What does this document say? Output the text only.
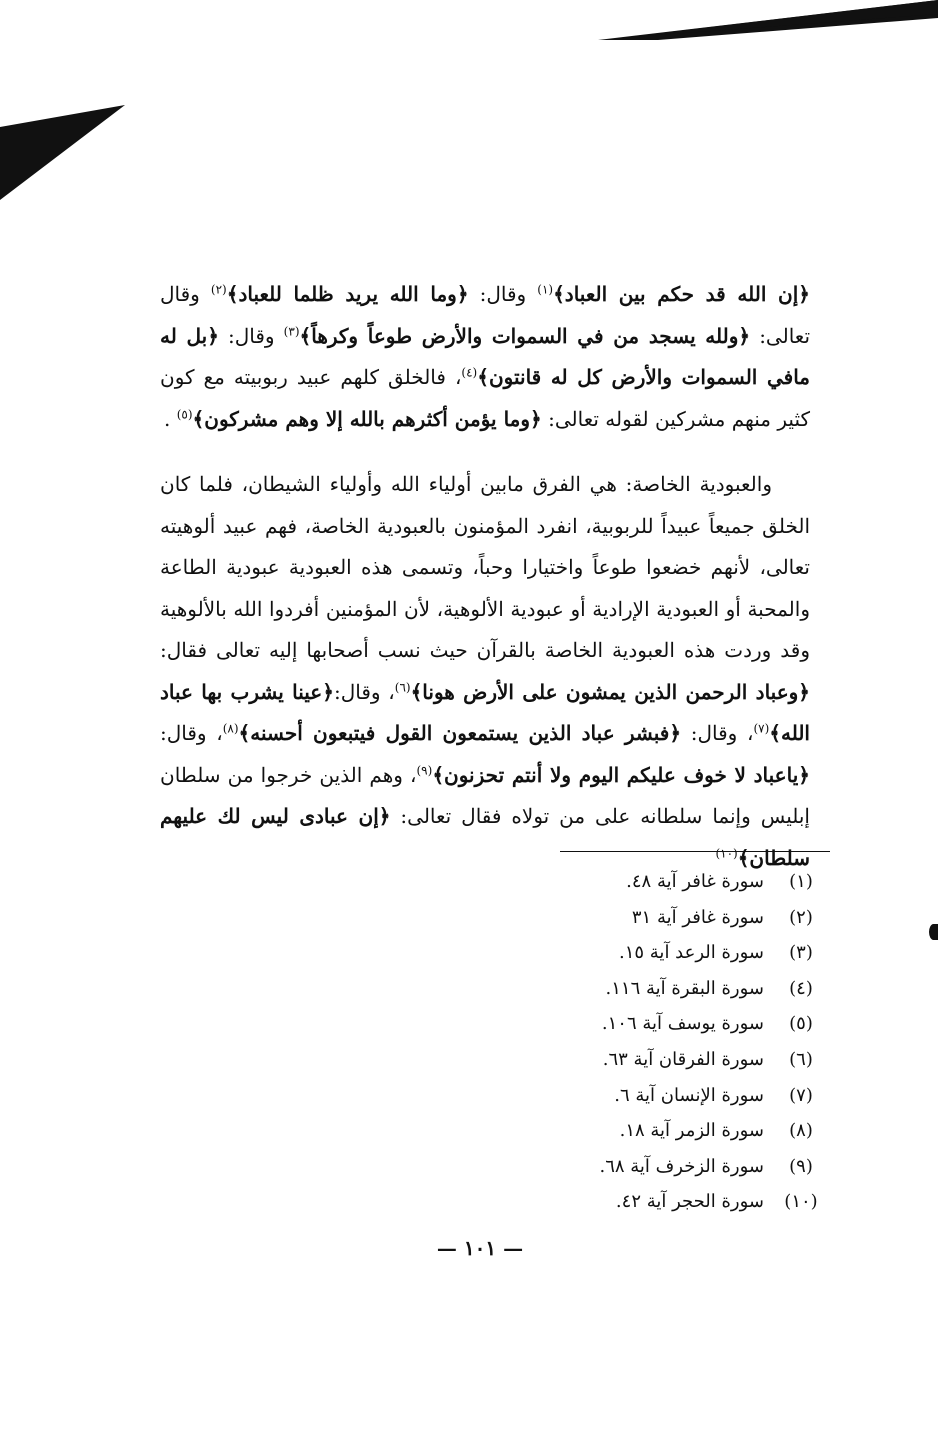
﴿إن الله قد حكم بين العباد﴾$^{(١)}$ وقال: ﴿وما الله يريد ظلما للعباد﴾$^{(٢)}$ وقال تعالى: ﴿ولله يسجد من في السموات والأرض طوعاً وكرهاً﴾$^{(٣)}$ وقال: ﴿بل له مافي السموات والأرض كل له قانتون﴾$^{(٤)}$، فالخلق كلهم عبيد ربوبيته مع كون كثير منهم مشركين لقوله تعالى: ﴿وما يؤمن أكثرهم بالله إلا وهم مشركون﴾$^{(٥)}$ .

والعبودية الخاصة: هي الفرق مابين أولياء الله وأولياء الشيطان، فلما كان الخلق جميعاً عبيداً للربوبية، انفرد المؤمنون بالعبودية الخاصة، فهم عبيد ألوهيته تعالى، لأنهم خضعوا طوعاً واختيارا وحباً، وتسمى هذه العبودية عبودية الطاعة والمحبة أو العبودية الإرادية أو عبودية الألوهية، لأن المؤمنين أفردوا الله بالألوهية وقد وردت هذه العبودية الخاصة بالقرآن حيث نسب أصحابها إليه تعالى فقال: ﴿وعباد الرحمن الذين يمشون على الأرض هونا﴾$^{(٦)}$، وقال:﴿عينا يشرب بها عباد الله﴾$^{(٧)}$، وقال: ﴿فبشر عباد الذين يستمعون القول فيتبعون أحسنه﴾$^{(٨)}$، وقال: ﴿ياعباد لا خوف عليكم اليوم ولا أنتم تحزنون﴾$^{(٩)}$، وهم الذين خرجوا من سلطان إبليس وإنما سلطانه على من تولاه فقال تعالى: ﴿إن عبادى ليس لك عليهم سلطان﴾$^{(١٠)}$

(١)سورة غافر آية ٤٨.
(٢)سورة غافر آية ٣١
(٣)سورة الرعد آية ١٥.
(٤)سورة البقرة آية ١١٦.
(٥)سورة يوسف آية ١٠٦.
(٦)سورة الفرقان آية ٦٣.
(٧)سورة الإنسان آية ٦.
(٨)سورة الزمر آية ١٨.
(٩)سورة الزخرف آية ٦٨.
(١٠)سورة الحجر آية ٤٢.
— ١٠١ —
